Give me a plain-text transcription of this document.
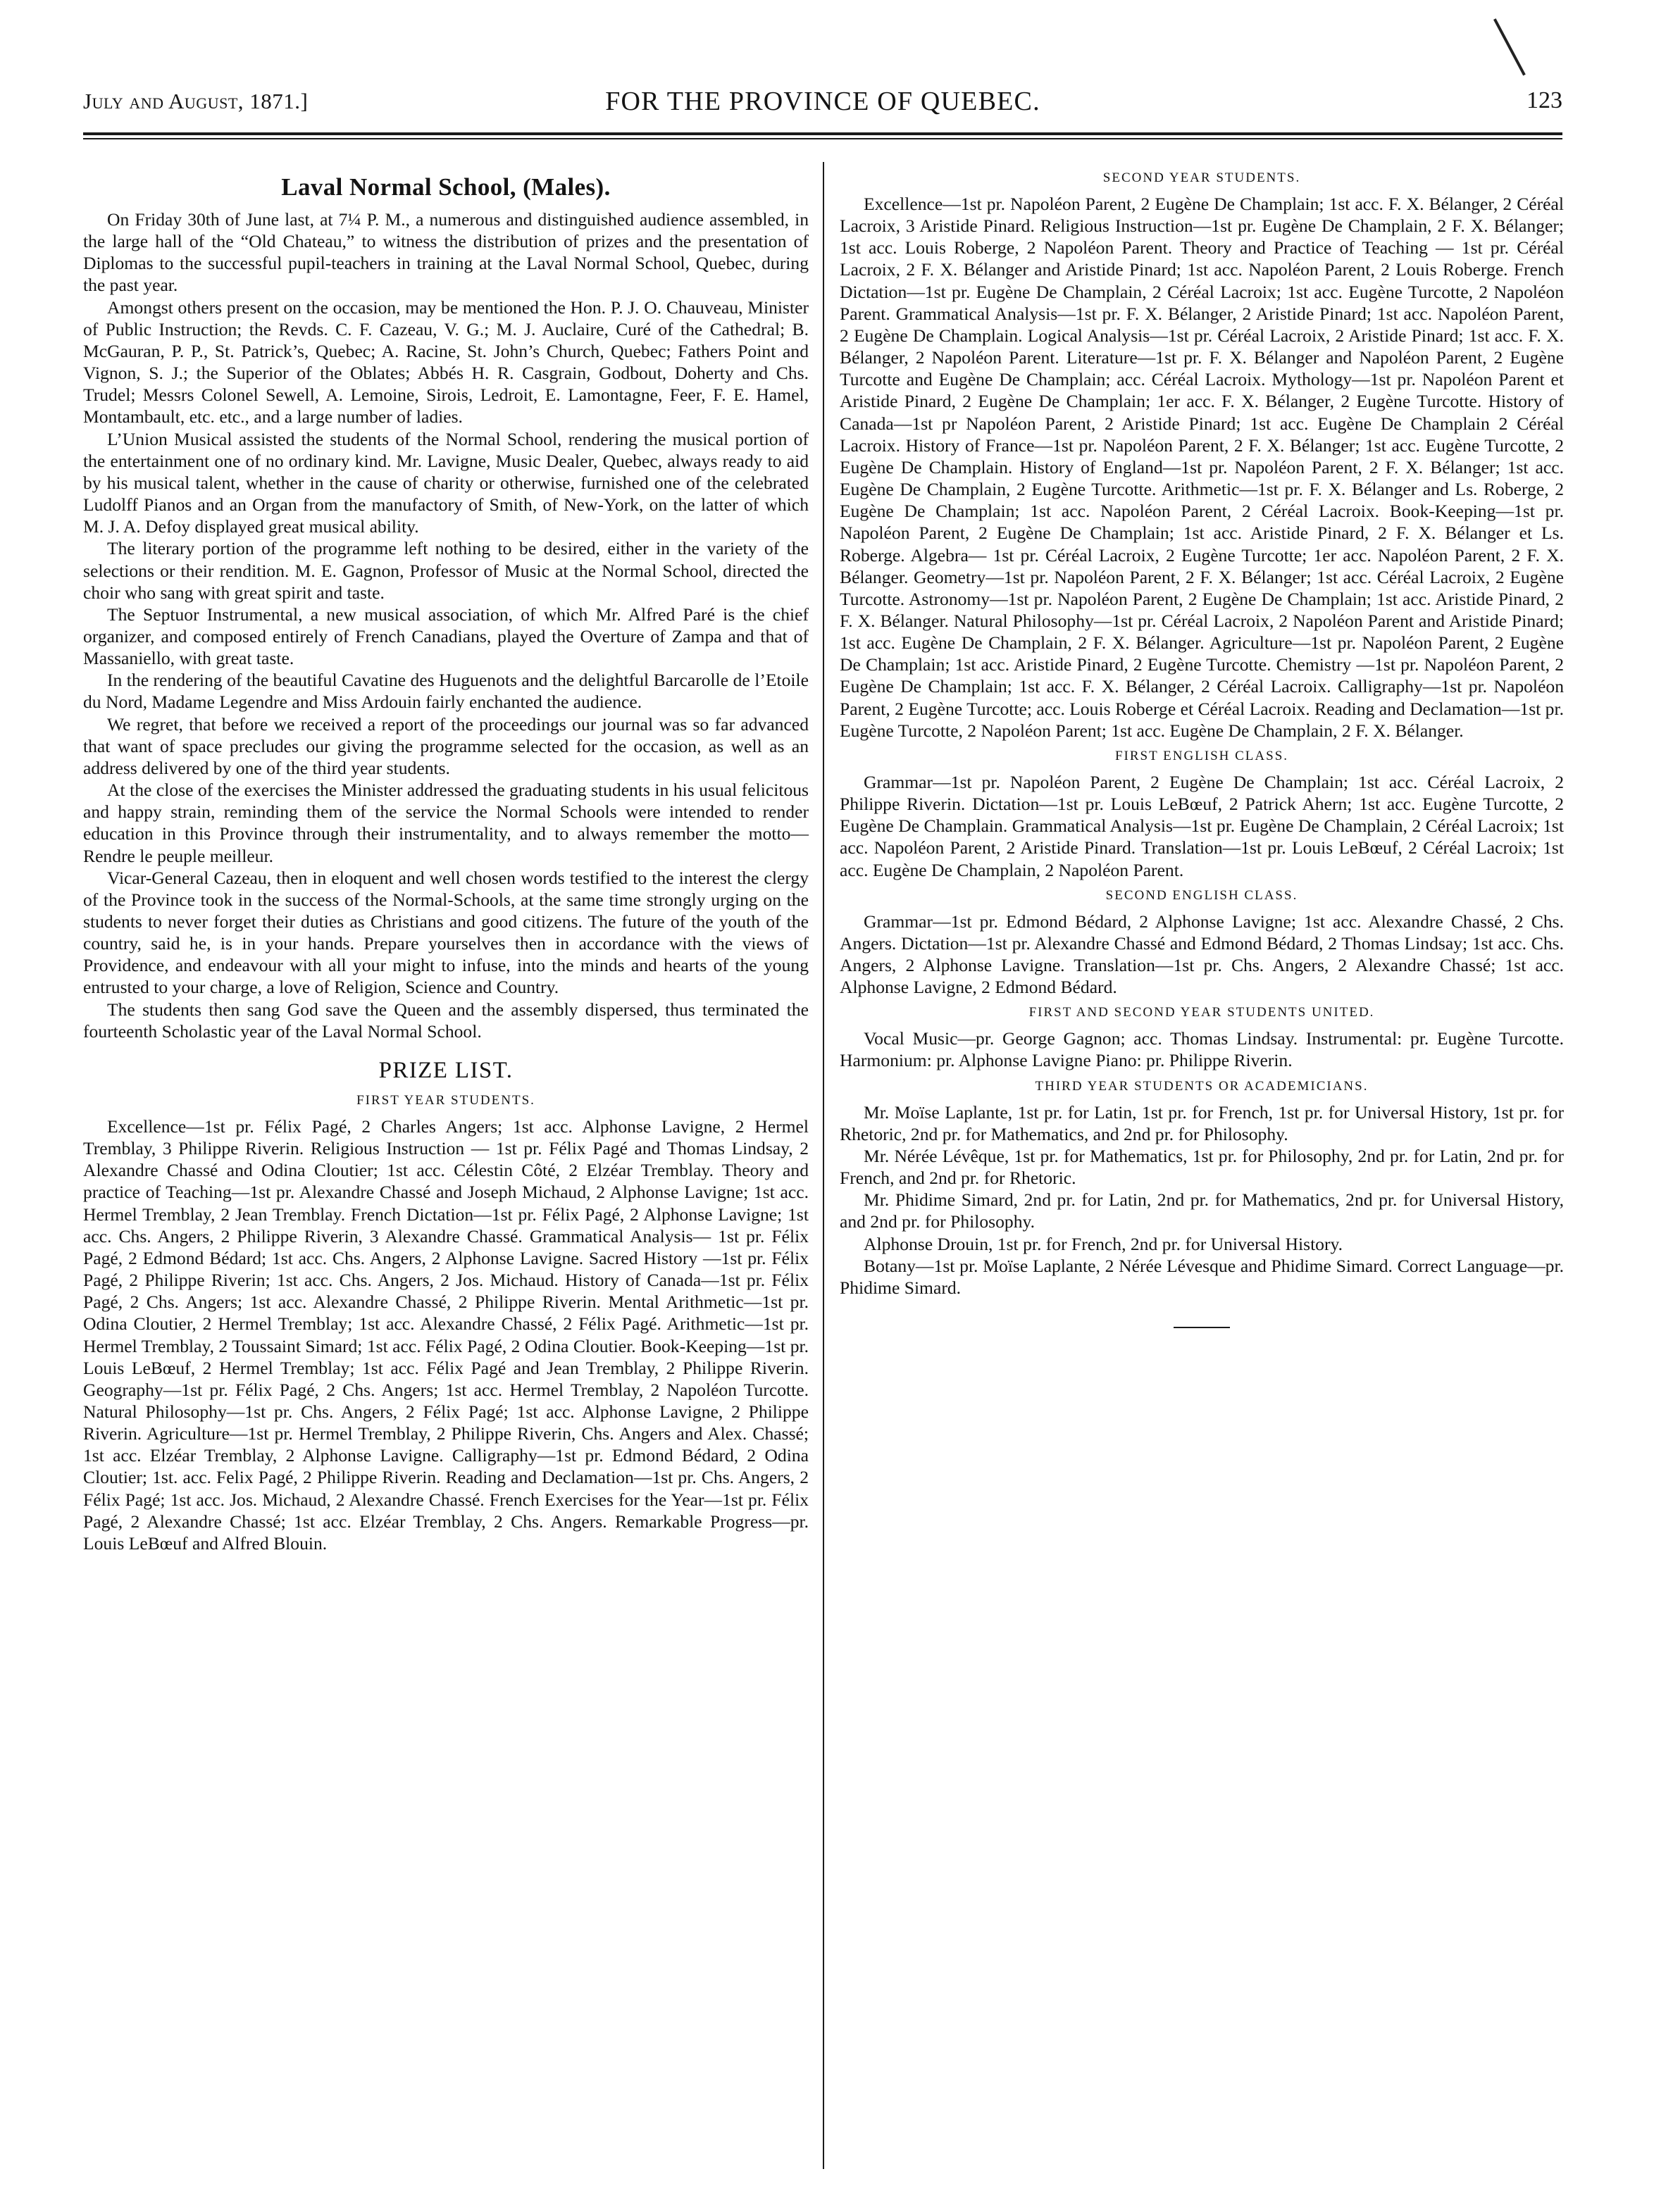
July and August, 1871.]	FOR THE PROVINCE OF QUEBEC.	123
Laval Normal School, (Males).

On Friday 30th of June last, at 7¼ P. M., a numerous and distinguished audience assembled, in the large hall of the “Old Chateau,” to witness the distribution of prizes and the presentation of Diplomas to the successful pupil-teachers in training at the Laval Normal School, Quebec, during the past year.

Amongst others present on the occasion, may be mentioned the Hon. P. J. O. Chauveau, Minister of Public Instruction; the Revds. C. F. Cazeau, V. G.; M. J. Auclaire, Curé of the Cathedral; B. McGauran, P. P., St. Patrick’s, Quebec; A. Racine, St. John’s Church, Quebec; Fathers Point and Vignon, S. J.; the Superior of the Oblates; Abbés H. R. Casgrain, Godbout, Doherty and Chs. Trudel; Messrs Colonel Sewell, A. Lemoine, Sirois, Ledroit, E. Lamontagne, Feer, F. E. Hamel, Montambault, etc. etc., and a large number of ladies.

L’Union Musical assisted the students of the Normal School, rendering the musical portion of the entertainment one of no ordinary kind. Mr. Lavigne, Music Dealer, Quebec, always ready to aid by his musical talent, whether in the cause of charity or otherwise, furnished one of the celebrated Ludolff Pianos and an Organ from the manufactory of Smith, of New-York, on the latter of which M. J. A. Defoy displayed great musical ability.

The literary portion of the programme left nothing to be desired, either in the variety of the selections or their rendition. M. E. Gagnon, Professor of Music at the Normal School, directed the choir who sang with great spirit and taste.

The Septuor Instrumental, a new musical association, of which Mr. Alfred Paré is the chief organizer, and composed entirely of French Canadians, played the Overture of Zampa and that of Massaniello, with great taste.

In the rendering of the beautiful Cavatine des Huguenots and the delightful Barcarolle de l’Etoile du Nord, Madame Legendre and Miss Ardouin fairly enchanted the audience.

We regret, that before we received a report of the proceedings our journal was so far advanced that want of space precludes our giving the programme selected for the occasion, as well as an address delivered by one of the third year students.

At the close of the exercises the Minister addressed the graduating students in his usual felicitous and happy strain, reminding them of the service the Normal Schools were intended to render education in this Province through their instrumentality, and to always remember the motto—Rendre le peuple meilleur.

Vicar-General Cazeau, then in eloquent and well chosen words testified to the interest the clergy of the Province took in the success of the Normal-Schools, at the same time strongly urging on the students to never forget their duties as Christians and good citizens. The future of the youth of the country, said he, is in your hands. Prepare yourselves then in accordance with the views of Providence, and endeavour with all your might to infuse, into the minds and hearts of the young entrusted to your charge, a love of Religion, Science and Country.

The students then sang God save the Queen and the assembly dispersed, thus terminated the fourteenth Scholastic year of the Laval Normal School.

PRIZE LIST.
FIRST YEAR STUDENTS.

Excellence—1st pr. Félix Pagé, 2 Charles Angers; 1st acc. Alphonse Lavigne, 2 Hermel Tremblay, 3 Philippe Riverin. Religious Instruction — 1st pr. Félix Pagé and Thomas Lindsay, 2 Alexandre Chassé and Odina Cloutier; 1st acc. Célestin Côté, 2 Elzéar Tremblay. Theory and practice of Teaching—1st pr. Alexandre Chassé and Joseph Michaud, 2 Alphonse Lavigne; 1st acc. Hermel Tremblay, 2 Jean Tremblay. French Dictation—1st pr. Félix Pagé, 2 Alphonse Lavigne; 1st acc. Chs. Angers, 2 Philippe Riverin, 3 Alexandre Chassé. Grammatical Analysis— 1st pr. Félix Pagé, 2 Edmond Bédard; 1st acc. Chs. Angers, 2 Alphonse Lavigne. Sacred History —1st pr. Félix Pagé, 2 Philippe Riverin; 1st acc. Chs. Angers, 2 Jos. Michaud. History of Canada—1st pr. Félix Pagé, 2 Chs. Angers; 1st acc. Alexandre Chassé, 2 Philippe Riverin. Mental Arithmetic—1st pr. Odina Cloutier, 2 Hermel Tremblay; 1st acc. Alexandre Chassé, 2 Félix Pagé. Arithmetic—1st pr. Hermel Tremblay, 2 Toussaint Simard; 1st acc. Félix Pagé, 2 Odina Cloutier. Book-Keeping—1st pr. Louis LeBœuf, 2 Hermel Tremblay; 1st acc. Félix Pagé and Jean Tremblay, 2 Philippe Riverin. Geography—1st pr. Félix Pagé, 2 Chs. Angers; 1st acc. Hermel Tremblay, 2 Napoléon Turcotte. Natural Philosophy—1st pr. Chs. Angers, 2 Félix Pagé; 1st acc. Alphonse Lavigne, 2 Philippe Riverin. Agriculture—1st pr. Hermel Tremblay, 2 Philippe Riverin, Chs. Angers and Alex. Chassé; 1st acc. Elzéar Tremblay, 2 Alphonse Lavigne. Calligraphy—1st pr. Edmond Bédard, 2 Odina Cloutier; 1st. acc. Felix Pagé, 2 Philippe Riverin. Reading and Declamation—1st pr. Chs. Angers, 2 Félix Pagé; 1st acc. Jos. Michaud, 2 Alexandre Chassé. French Exercises for the Year—1st pr. Félix Pagé, 2 Alexandre Chassé; 1st acc. Elzéar Tremblay, 2 Chs. Angers. Remarkable Progress—pr. Louis LeBœuf and Alfred Blouin.

SECOND YEAR STUDENTS.

Excellence—1st pr. Napoléon Parent, 2 Eugène De Champlain; 1st acc. F. X. Bélanger, 2 Céréal Lacroix, 3 Aristide Pinard. Religious Instruction—1st pr. Eugène De Champlain, 2 F. X. Bélanger; 1st acc. Louis Roberge, 2 Napoléon Parent. Theory and Practice of Teaching — 1st pr. Céréal Lacroix, 2 F. X. Bélanger and Aristide Pinard; 1st acc. Napoléon Parent, 2 Louis Roberge. French Dictation—1st pr. Eugène De Champlain, 2 Céréal Lacroix; 1st acc. Eugène Turcotte, 2 Napoléon Parent. Grammatical Analysis—1st pr. F. X. Bélanger, 2 Aristide Pinard; 1st acc. Napoléon Parent, 2 Eugène De Champlain. Logical Analysis—1st pr. Céréal Lacroix, 2 Aristide Pinard; 1st acc. F. X. Bélanger, 2 Napoléon Parent. Literature—1st pr. F. X. Bélanger and Napoléon Parent, 2 Eugène Turcotte and Eugène De Champlain; acc. Céréal Lacroix. Mythology—1st pr. Napoléon Parent et Aristide Pinard, 2 Eugène De Champlain; 1er acc. F. X. Bélanger, 2 Eugène Turcotte. History of Canada—1st pr Napoléon Parent, 2 Aristide Pinard; 1st acc. Eugène De Champlain 2 Céréal Lacroix. History of France—1st pr. Napoléon Parent, 2 F. X. Bélanger; 1st acc. Eugène Turcotte, 2 Eugène De Champlain. History of England—1st pr. Napoléon Parent, 2 F. X. Bélanger; 1st acc. Eugène De Champlain, 2 Eugène Turcotte. Arithmetic—1st pr. F. X. Bélanger and Ls. Roberge, 2 Eugène De Champlain; 1st acc. Napoléon Parent, 2 Céréal Lacroix. Book-Keeping—1st pr. Napoléon Parent, 2 Eugène De Champlain; 1st acc. Aristide Pinard, 2 F. X. Bélanger et Ls. Roberge. Algebra— 1st pr. Céréal Lacroix, 2 Eugène Turcotte; 1er acc. Napoléon Parent, 2 F. X. Bélanger. Geometry—1st pr. Napoléon Parent, 2 F. X. Bélanger; 1st acc. Céréal Lacroix, 2 Eugène Turcotte. Astronomy—1st pr. Napoléon Parent, 2 Eugène De Champlain; 1st acc. Aristide Pinard, 2 F. X. Bélanger. Natural Philosophy—1st pr. Céréal Lacroix, 2 Napoléon Parent and Aristide Pinard; 1st acc. Eugène De Champlain, 2 F. X. Bélanger. Agriculture—1st pr. Napoléon Parent, 2 Eugène De Champlain; 1st acc. Aristide Pinard, 2 Eugène Turcotte. Chemistry —1st pr. Napoléon Parent, 2 Eugène De Champlain; 1st acc. F. X. Bélanger, 2 Céréal Lacroix. Calligraphy—1st pr. Napoléon Parent, 2 Eugène Turcotte; acc. Louis Roberge et Céréal Lacroix. Reading and Declamation—1st pr. Eugène Turcotte, 2 Napoléon Parent; 1st acc. Eugène De Champlain, 2 F. X. Bélanger.

FIRST ENGLISH CLASS.

Grammar—1st pr. Napoléon Parent, 2 Eugène De Champlain; 1st acc. Céréal Lacroix, 2 Philippe Riverin. Dictation—1st pr. Louis LeBœuf, 2 Patrick Ahern; 1st acc. Eugène Turcotte, 2 Eugène De Champlain. Grammatical Analysis—1st pr. Eugène De Champlain, 2 Céréal Lacroix; 1st acc. Napoléon Parent, 2 Aristide Pinard. Translation—1st pr. Louis LeBœuf, 2 Céréal Lacroix; 1st acc. Eugène De Champlain, 2 Napoléon Parent.

SECOND ENGLISH CLASS.

Grammar—1st pr. Edmond Bédard, 2 Alphonse Lavigne; 1st acc. Alexandre Chassé, 2 Chs. Angers. Dictation—1st pr. Alexandre Chassé and Edmond Bédard, 2 Thomas Lindsay; 1st acc. Chs. Angers, 2 Alphonse Lavigne. Translation—1st pr. Chs. Angers, 2 Alexandre Chassé; 1st acc. Alphonse Lavigne, 2 Edmond Bédard.

FIRST AND SECOND YEAR STUDENTS UNITED.

Vocal Music—pr. George Gagnon; acc. Thomas Lindsay. Instrumental: pr. Eugène Turcotte. Harmonium: pr. Alphonse Lavigne Piano: pr. Philippe Riverin.

THIRD YEAR STUDENTS OR ACADEMICIANS.

Mr. Moïse Laplante, 1st pr. for Latin, 1st pr. for French, 1st pr. for Universal History, 1st pr. for Rhetoric, 2nd pr. for Mathematics, and 2nd pr. for Philosophy.

Mr. Nérée Lévêque, 1st pr. for Mathematics, 1st pr. for Philosophy, 2nd pr. for Latin, 2nd pr. for French, and 2nd pr. for Rhetoric.

Mr. Phidime Simard, 2nd pr. for Latin, 2nd pr. for Mathematics, 2nd pr. for Universal History, and 2nd pr. for Philosophy.

Alphonse Drouin, 1st pr. for French, 2nd pr. for Universal History.

Botany—1st pr. Moïse Laplante, 2 Nérée Lévesque and Phidime Simard. Correct Language—pr. Phidime Simard.
